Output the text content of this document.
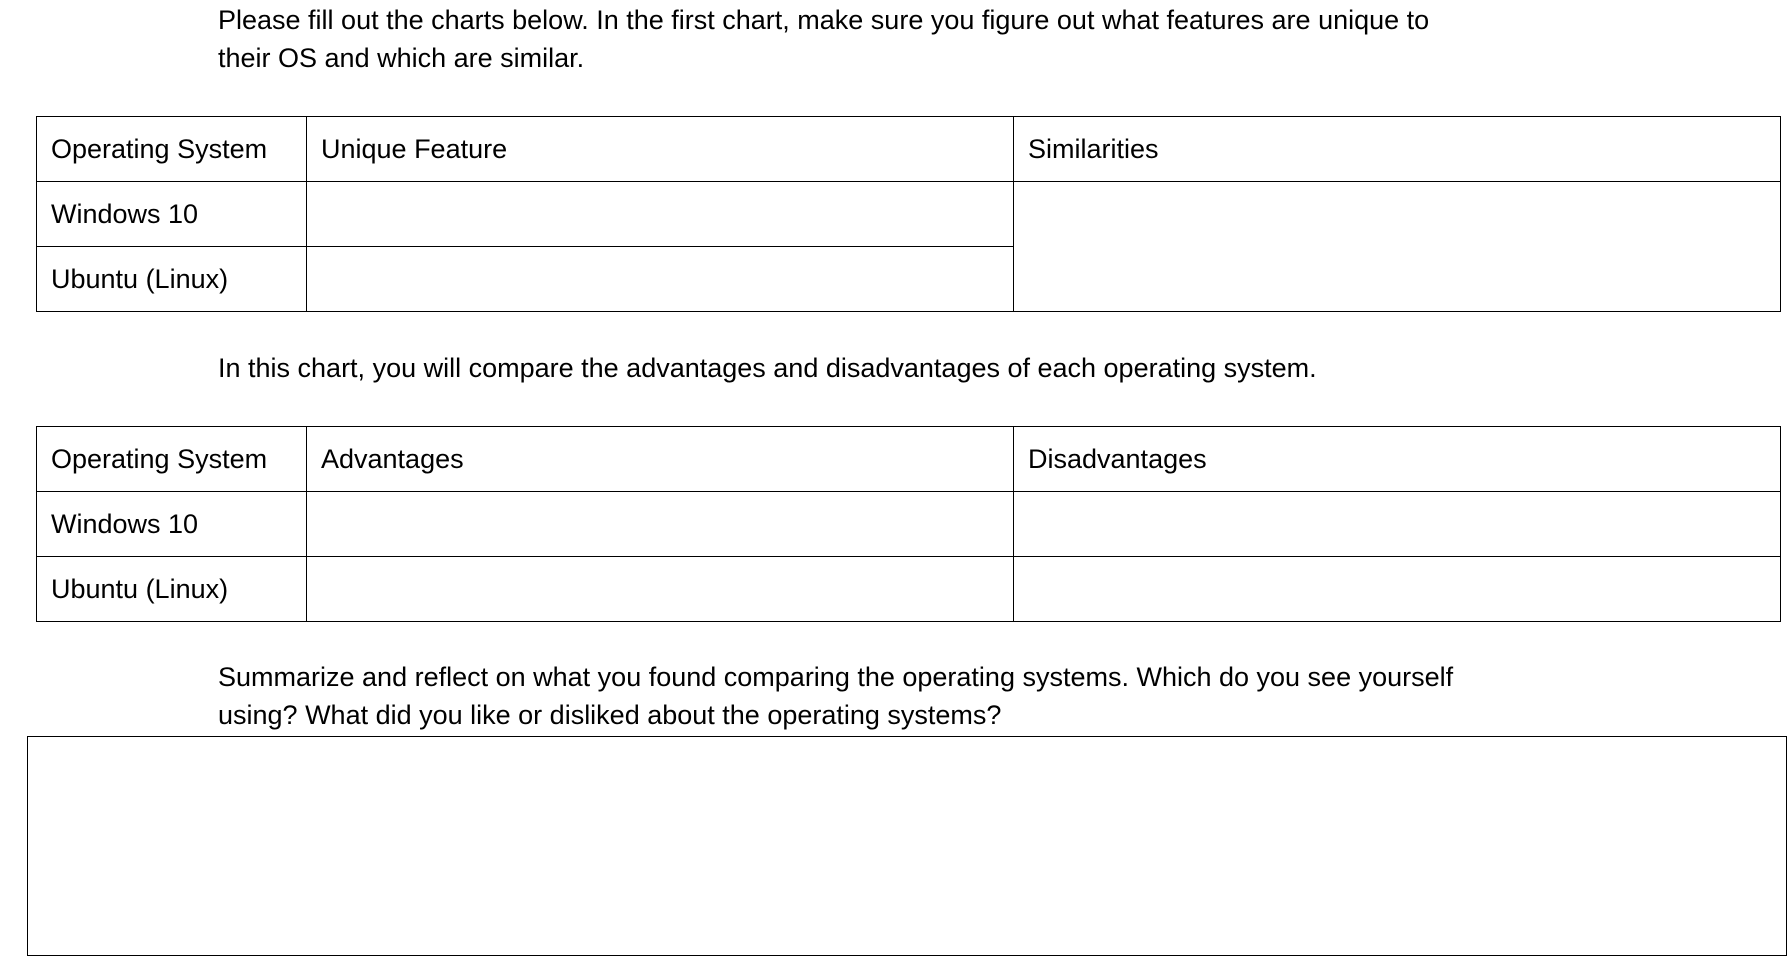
Please fill out the charts below. In the first chart, make sure you figure out what features are unique to
their OS and which are similar.

Operating System	Unique Feature	Similarities
Windows 10		
Ubuntu (Linux)		

In this chart, you will compare the advantages and disadvantages of each operating system.

Operating System	Advantages	Disadvantages
Windows 10		
Ubuntu (Linux)		

Summarize and reflect on what you found comparing the operating systems. Which do you see yourself
using? What did you like or disliked about the operating systems?
